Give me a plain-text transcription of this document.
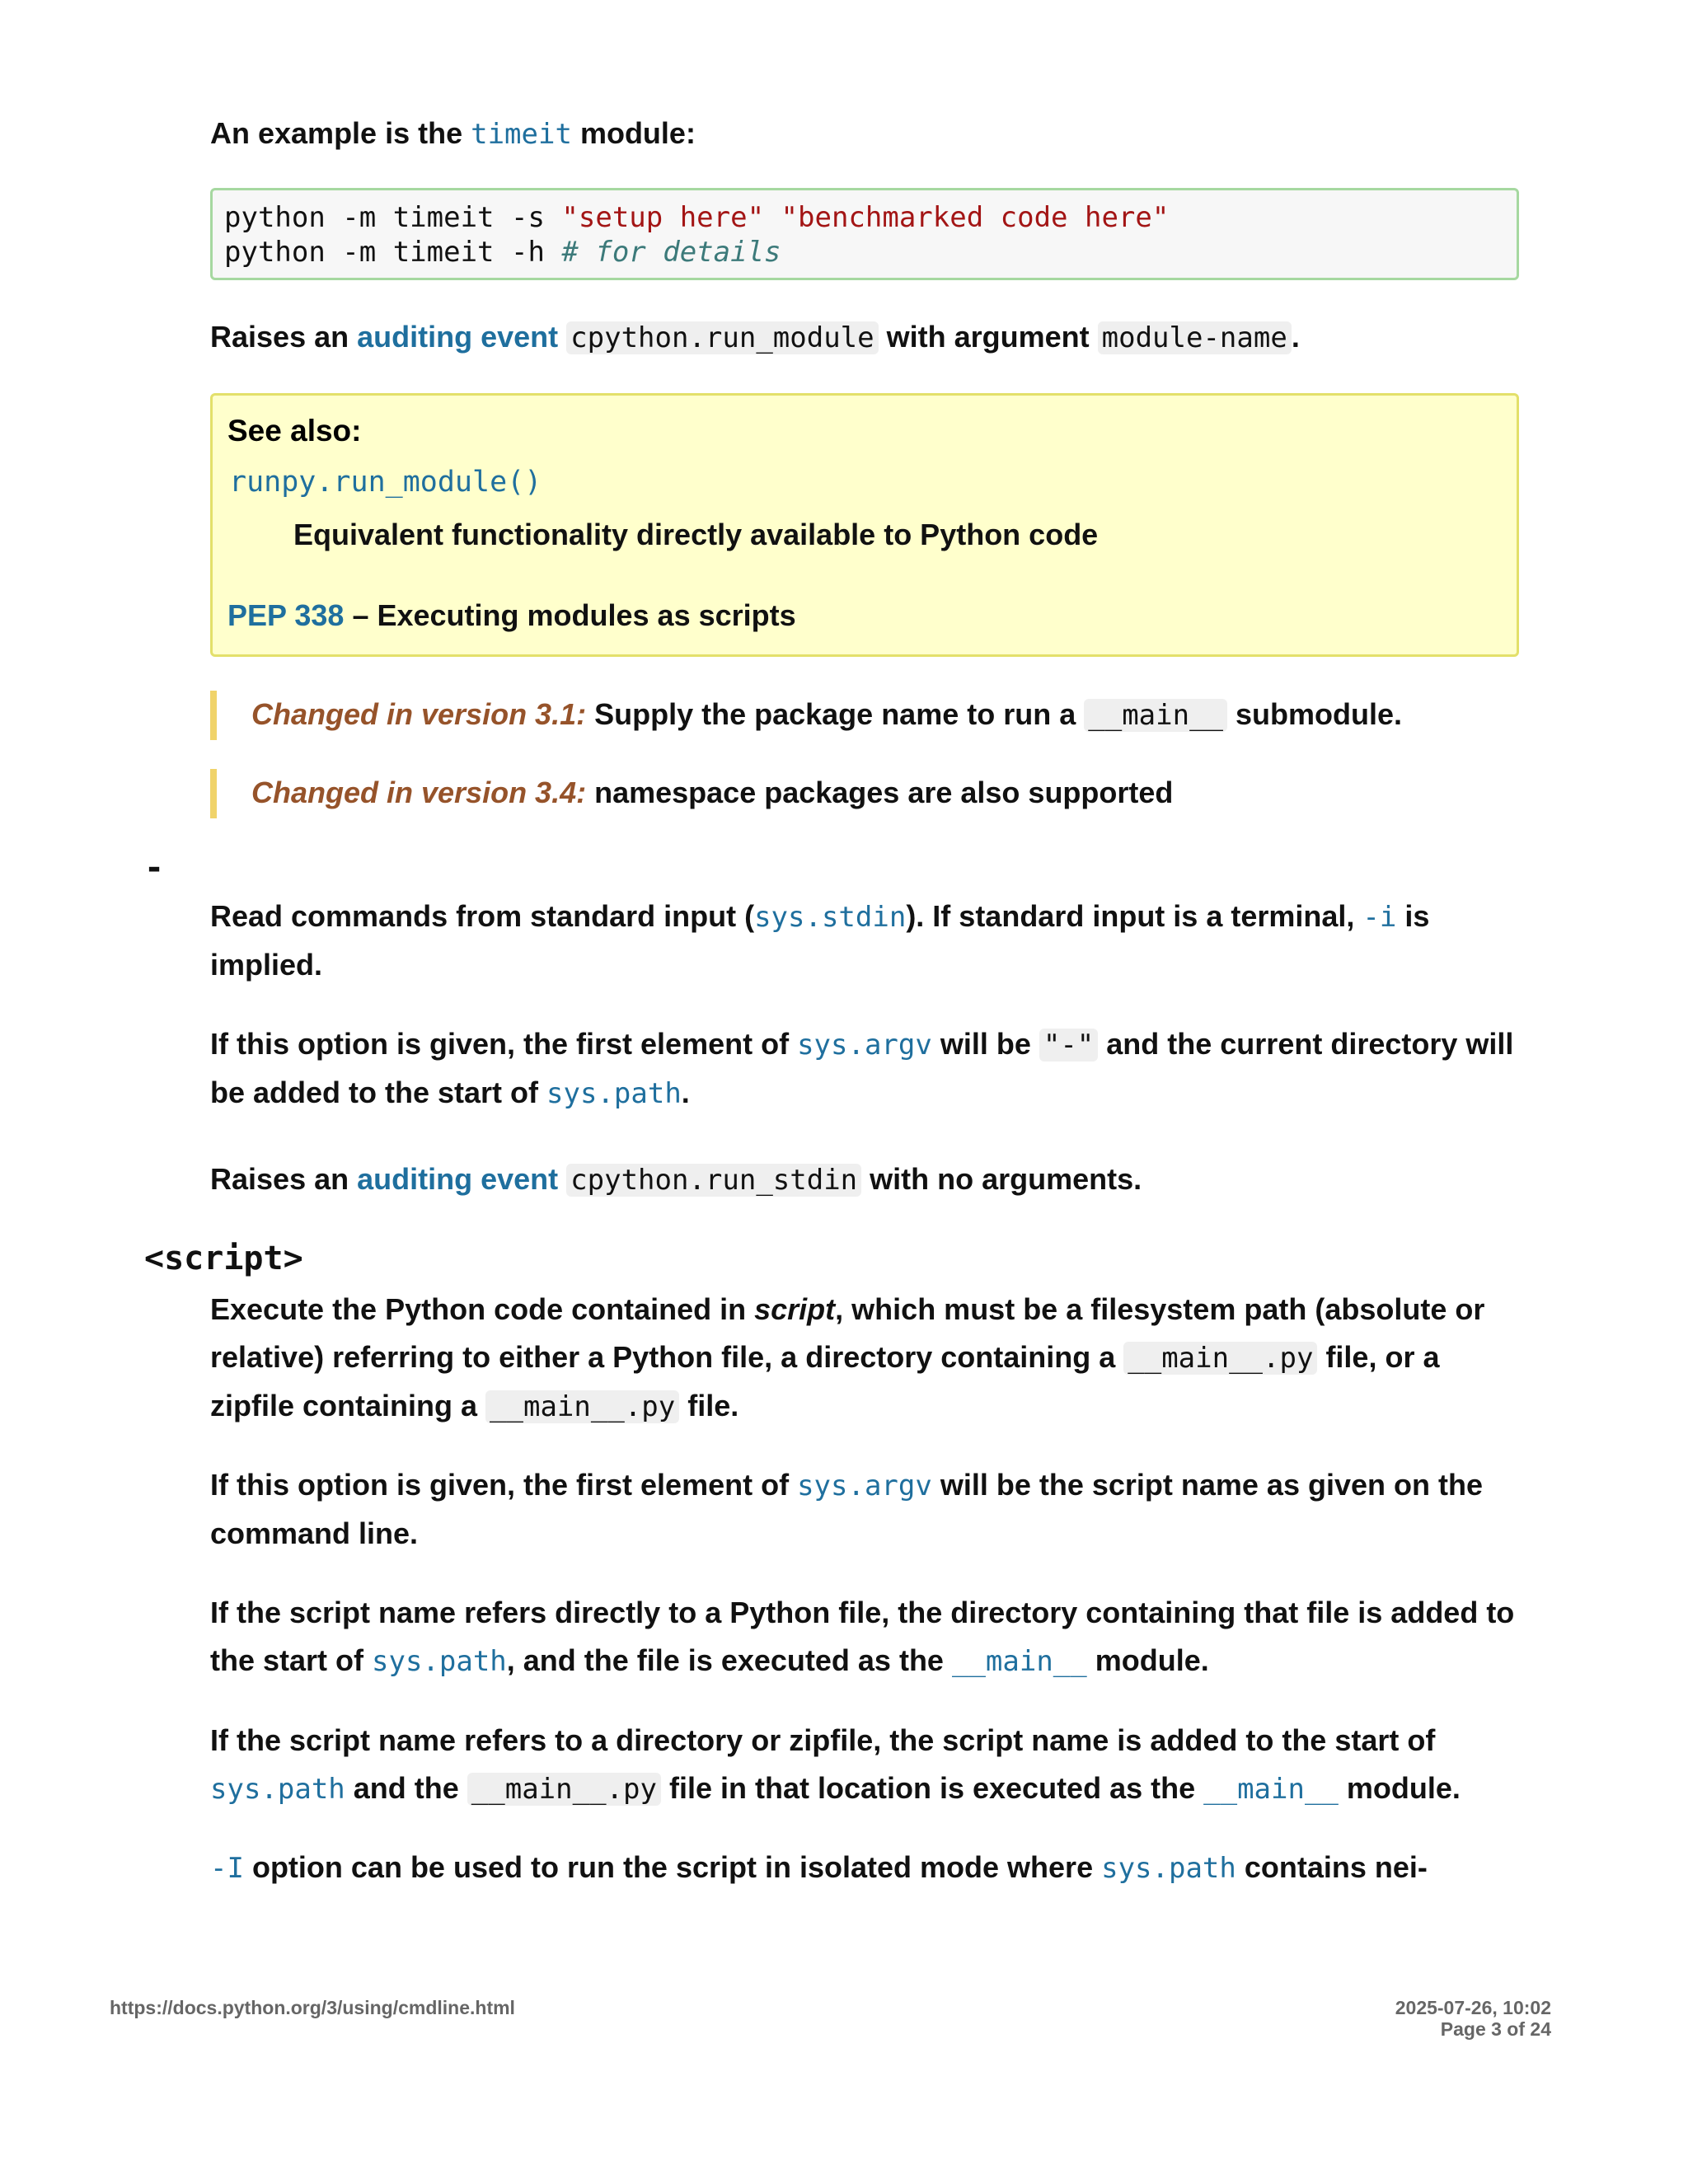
An example is the timeit module:

python -m timeit -s "setup here" "benchmarked code here"
python -m timeit -h # for details

Raises an auditing event cpython.run_module with argument module-name .

See also:
runpy.run_module()
Equivalent functionality directly available to Python code
PEP 338 – Executing modules as scripts

Changed in version 3.1: Supply the package name to run a __main__ submodule.

Changed in version 3.4: namespace packages are also supported

-

Read commands from standard input (sys.stdin). If standard input is a terminal, -i is implied.

If this option is given, the first element of sys.argv will be "-" and the current directory will be added to the start of sys.path.

Raises an auditing event cpython.run_stdin with no arguments.

<script>

Execute the Python code contained in script, which must be a filesystem path (absolute or relative) referring to either a Python file, a directory containing a __main__.py file, or a zipfile containing a __main__.py file.

If this option is given, the first element of sys.argv will be the script name as given on the command line.

If the script name refers directly to a Python file, the directory containing that file is added to the start of sys.path, and the file is executed as the __main__ module.

If the script name refers to a directory or zipfile, the script name is added to the start of sys.path and the __main__.py file in that location is executed as the __main__ module.

-I option can be used to run the script in isolated mode where sys.path contains nei-

https://docs.python.org/3/using/cmdline.html	2025-07-26, 10:02
Page 3 of 24
